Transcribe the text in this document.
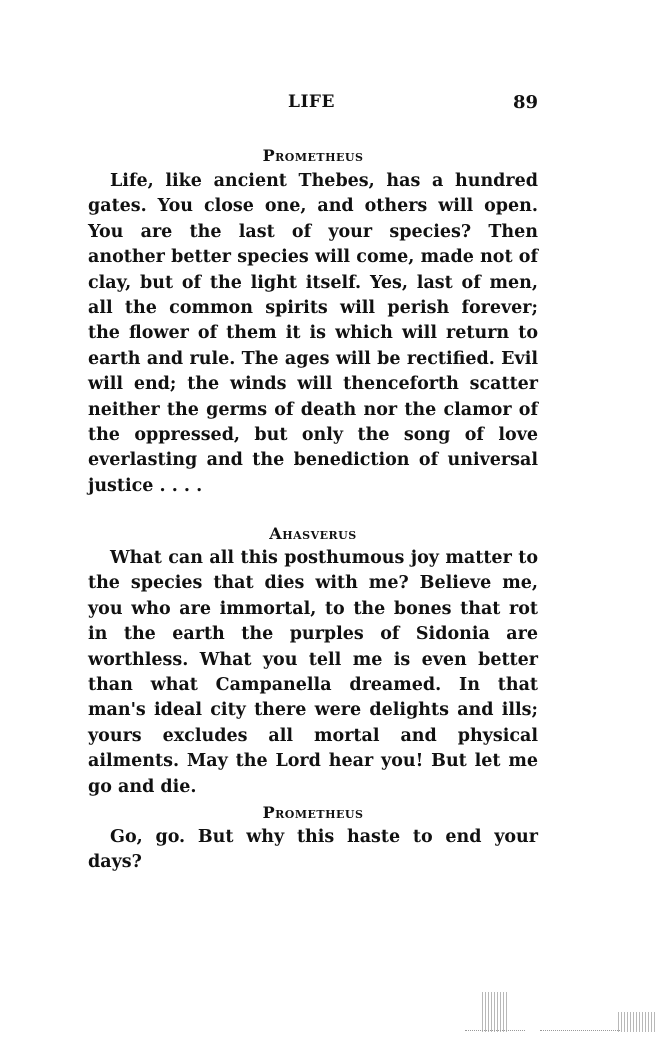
LIFE	89
Prometheus

Life, like ancient Thebes, has a hundred gates. You close one, and others will open. You are the last of your species? Then another better species will come, made not of clay, but of the light itself. Yes, last of men, all the common spirits will perish forever; the flower of them it is which will return to earth and rule. The ages will be rectified. Evil will end; the winds will thenceforth scatter neither the germs of death nor the clamor of the oppressed, but only the song of love everlasting and the benediction of universal justice . . . .

Ahasverus

What can all this posthumous joy matter to the species that dies with me? Believe me, you who are immortal, to the bones that rot in the earth the purples of Sidonia are worthless. What you tell me is even better than what Campanella dreamed. In that man's ideal city there were delights and ills; yours excludes all mortal and physical ailments. May the Lord hear you! But let me go and die.

Prometheus

Go, go. But why this haste to end your days?
